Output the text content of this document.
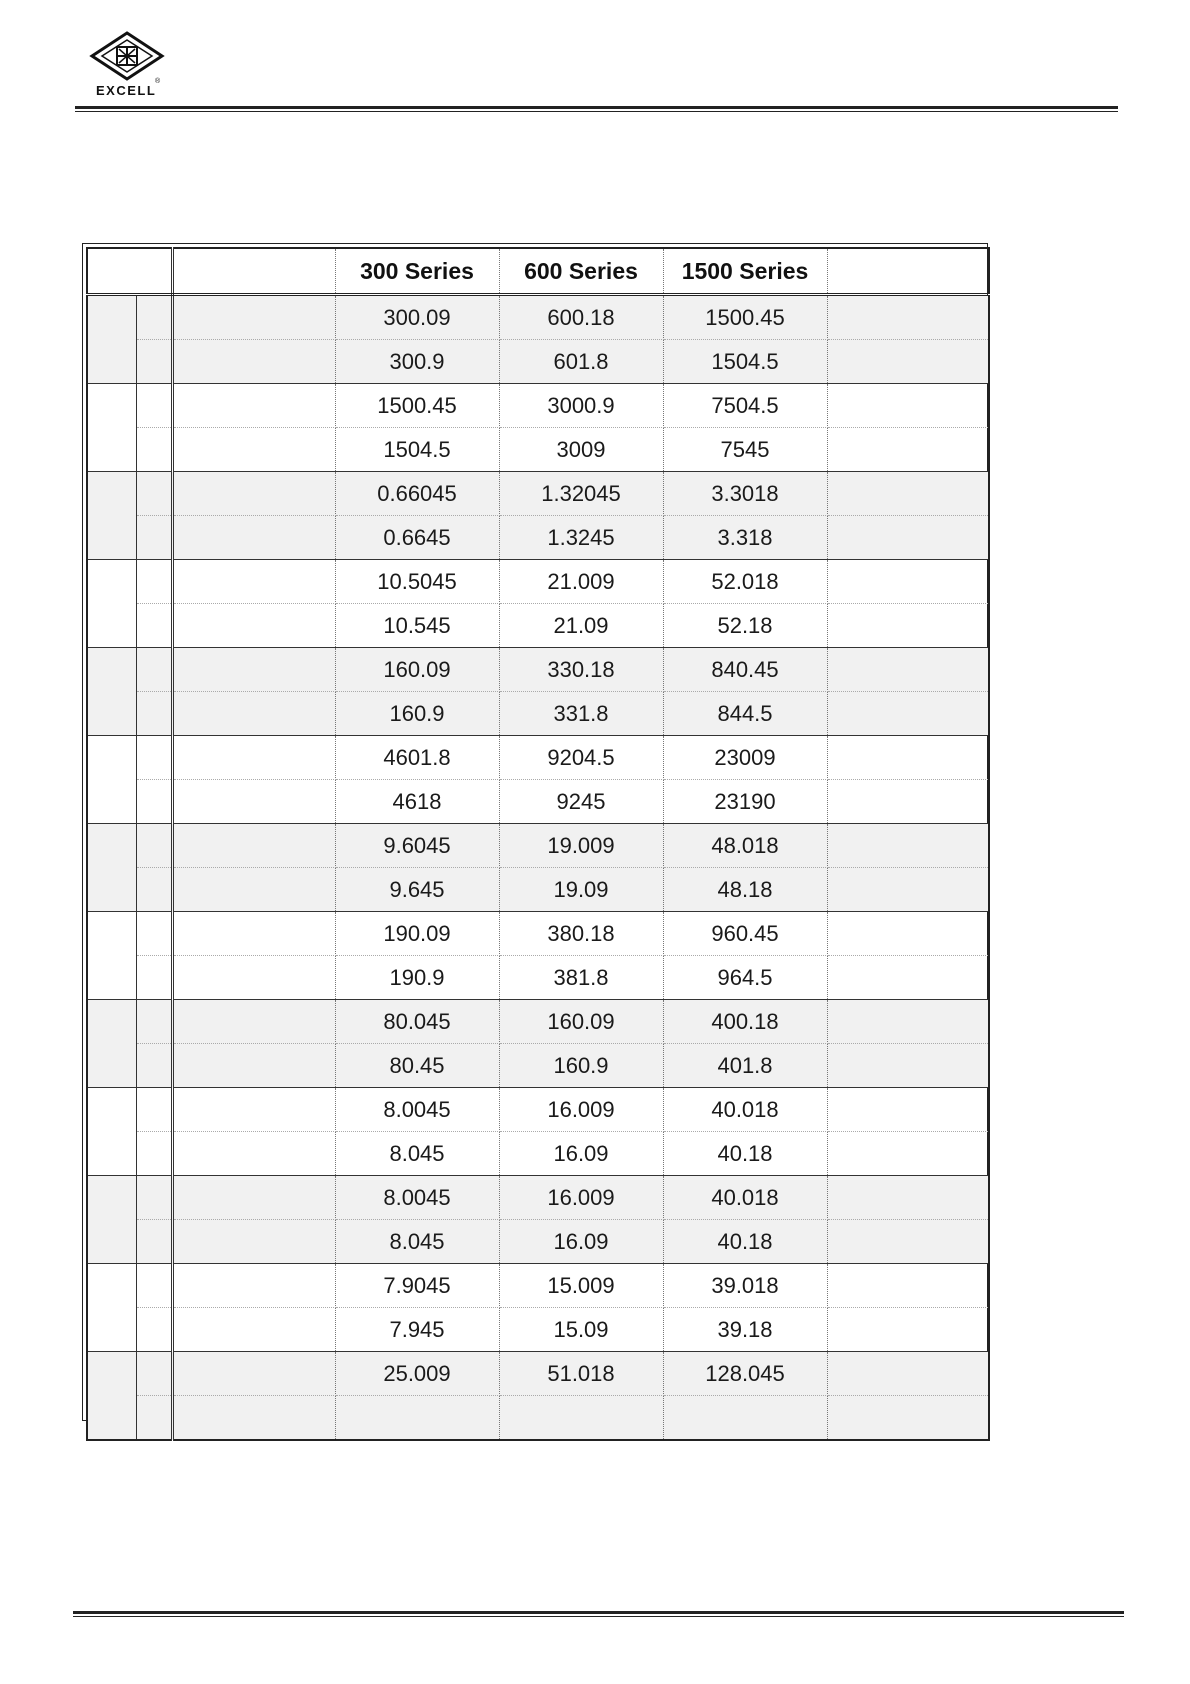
EXCELL
®
			300 Series	600 Series	1500 Series	
			300.09	600.18	1500.45	
			300.9	601.8	1504.5	
			1500.45	3000.9	7504.5	
			1504.5	3009	7545	
			0.66045	1.32045	3.3018	
			0.6645	1.3245	3.318	
			10.5045	21.009	52.018	
			10.545	21.09	52.18	
			160.09	330.18	840.45	
			160.9	331.8	844.5	
			4601.8	9204.5	23009	
			4618	9245	23190	
			9.6045	19.009	48.018	
			9.645	19.09	48.18	
			190.09	380.18	960.45	
			190.9	381.8	964.5	
			80.045	160.09	400.18	
			80.45	160.9	401.8	
			8.0045	16.009	40.018	
			8.045	16.09	40.18	
			8.0045	16.009	40.018	
			8.045	16.09	40.18	
			7.9045	15.009	39.018	
			7.945	15.09	39.18	
			25.009	51.018	128.045	
